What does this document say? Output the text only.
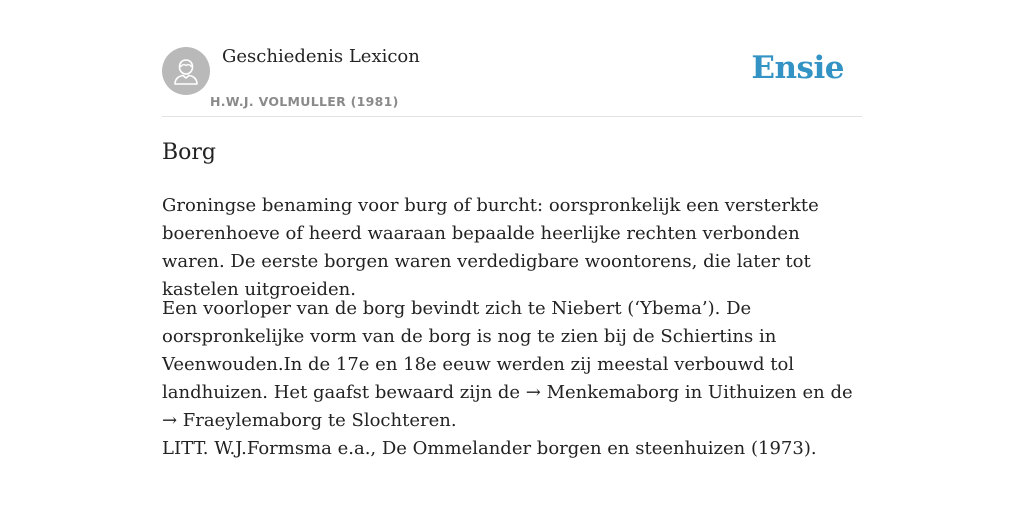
Geschiedenis Lexicon
H.W.J. VOLMULLER (1981)
Ensie
Borg

Groningse benaming voor burg of burcht: oorspronkelijk een versterkte boerenhoeve of heerd waaraan bepaalde heerlijke rechten verbonden waren. De eerste borgen waren verdedigbare woontorens, die later tot kastelen uitgroeiden.

Een voorloper van de borg bevindt zich te Niebert (‘Ybema’). De oorspronkelijke vorm van de borg is nog te zien bij de Schiertins in Veenwouden.In de 17e en 18e eeuw werden zij meestal verbouwd tol landhuizen. Het gaafst bewaard zijn de → Menkemaborg in Uithuizen en de → Fraeylemaborg te Slochteren.

LITT. W.J.Formsma e.a., De Ommelander borgen en steenhuizen (1973).
